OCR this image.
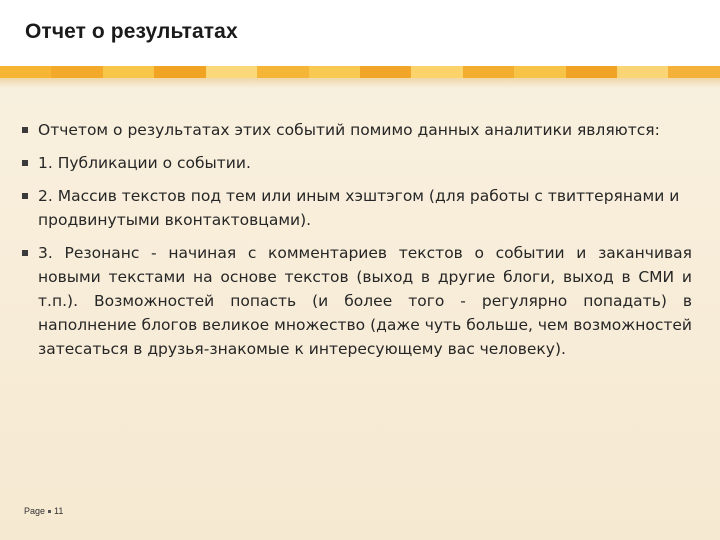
Отчет о результатах
Отчетом о результатах этих событий помимо данных аналитики являются:
1. Публикации о событии.
2. Массив текстов под тем или иным хэштэгом (для работы с твиттерянами и продвинутыми вконтактовцами).
3. Резонанс - начиная с комментариев текстов о событии и заканчивая новыми текстами на основе текстов (выход в другие блоги, выход в СМИ и т.п.). Возможностей попасть (и более того - регулярно попадать) в наполнение блогов великое множество (даже чуть больше, чем возможностей затесаться в друзья-знакомые к интересующему вас человеку).
Page 11
